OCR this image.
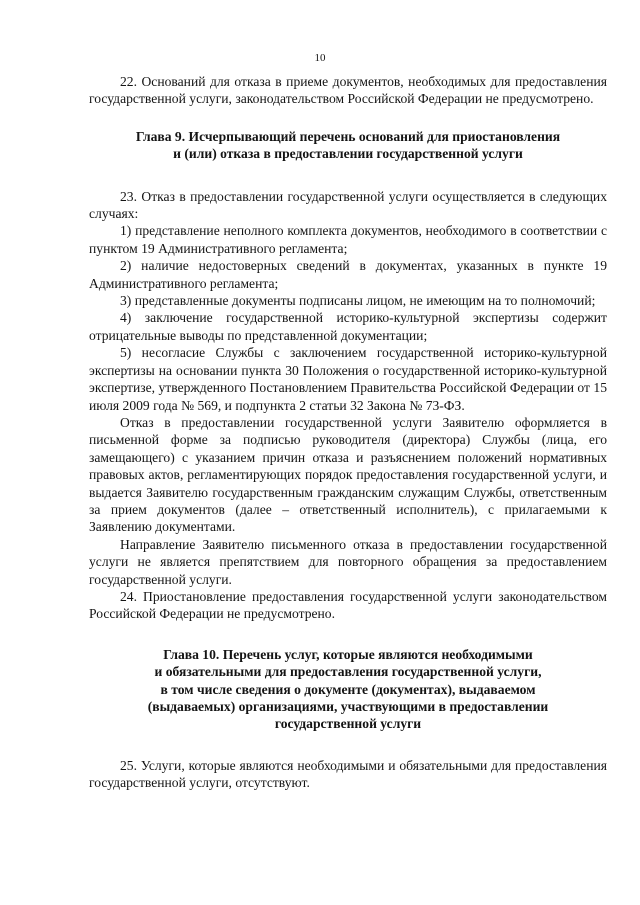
10

22. Оснований для отказа в приеме документов, необходимых для предоставления государственной услуги, законодательством Российской Федерации не предусмотрено.

Глава 9. Исчерпывающий перечень оснований для приостановления
и (или) отказа в предоставлении государственной услуги

23. Отказ в предоставлении государственной услуги осуществляется в следующих случаях:

1) представление неполного комплекта документов, необходимого в соответствии с пунктом 19 Административного регламента;

2) наличие недостоверных сведений в документах, указанных в пункте 19 Административного регламента;

3) представленные документы подписаны лицом, не имеющим на то полномочий;

4) заключение государственной историко-культурной экспертизы содержит отрицательные выводы по представленной документации;

5) несогласие Службы с заключением государственной историко-культурной экспертизы на основании пункта 30 Положения о государственной историко-культурной экспертизе, утвержденного Постановлением Правительства Российской Федерации от 15 июля 2009 года № 569, и подпункта 2 статьи 32 Закона № 73-ФЗ.

Отказ в предоставлении государственной услуги Заявителю оформляется в письменной форме за подписью руководителя (директора) Службы (лица, его замещающего) с указанием причин отказа и разъяснением положений нормативных правовых актов, регламентирующих порядок предоставления государственной услуги, и выдается Заявителю государственным гражданским служащим Службы, ответственным за прием документов (далее – ответственный исполнитель), с прилагаемыми к Заявлению документами.

Направление Заявителю письменного отказа в предоставлении государственной услуги не является препятствием для повторного обращения за предоставлением государственной услуги.

24. Приостановление предоставления государственной услуги законодательством Российской Федерации не предусмотрено.

Глава 10. Перечень услуг, которые являются необходимыми
и обязательными для предоставления государственной услуги,
в том числе сведения о документе (документах), выдаваемом
(выдаваемых) организациями, участвующими в предоставлении
государственной услуги

25. Услуги, которые являются необходимыми и обязательными для предоставления государственной услуги, отсутствуют.
